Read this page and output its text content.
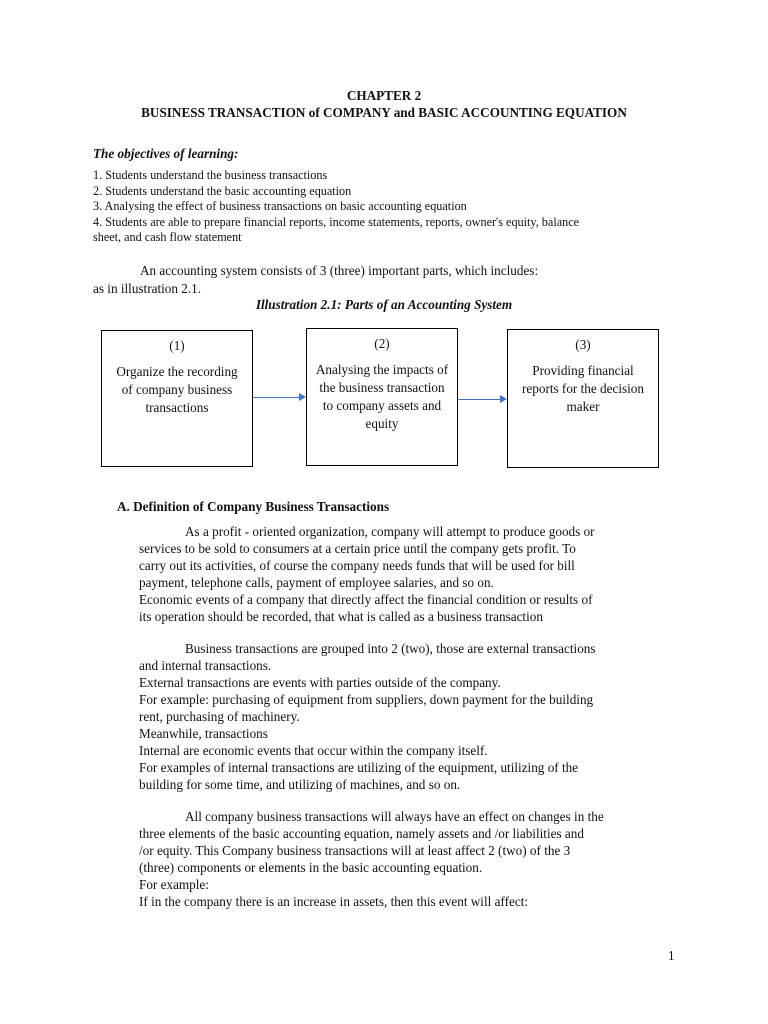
CHAPTER 2
BUSINESS TRANSACTION of COMPANY and BASIC ACCOUNTING EQUATION
The objectives of learning:
1. Students understand the business transactions
2. Students understand the basic accounting equation
3. Analysing the effect of business transactions on basic accounting equation
4. Students are able to prepare financial reports, income statements, reports, owner's equity, balance
sheet, and cash flow statement
An accounting system consists of 3 (three) important parts, which includes:
as in illustration 2.1.
Illustration 2.1: Parts of an Accounting System
(1)
Organize the recording of company business transactions
(2)
Analysing the impacts of the business transaction to company assets and equity
(3)
Providing financial reports for the decision maker
A. Definition of Company Business Transactions
As a profit - oriented organization, company will attempt to produce goods or
services to be sold to consumers at a certain price until the company gets profit. To
carry out its activities, of course the company needs funds that will be used for bill
payment, telephone calls, payment of employee salaries, and so on.
Economic events of a company that directly affect the financial condition or results of
its operation should be recorded, that what is called as a business transaction
Business transactions are grouped into 2 (two), those are external transactions
and internal transactions.
External transactions are events with parties outside of the company.
For example: purchasing of equipment from suppliers, down payment for the building
rent, purchasing of machinery.
Meanwhile, transactions
Internal are economic events that occur within the company itself.
For examples of internal transactions are utilizing of the equipment, utilizing of the
building for some time, and utilizing of machines, and so on.
All company business transactions will always have an effect on changes in the
three elements of the basic accounting equation, namely assets and /or liabilities and
/or equity. This Company business transactions will at least affect 2 (two) of the 3
(three) components or elements in the basic accounting equation.
For example:
If in the company there is an increase in assets, then this event will affect:
1
